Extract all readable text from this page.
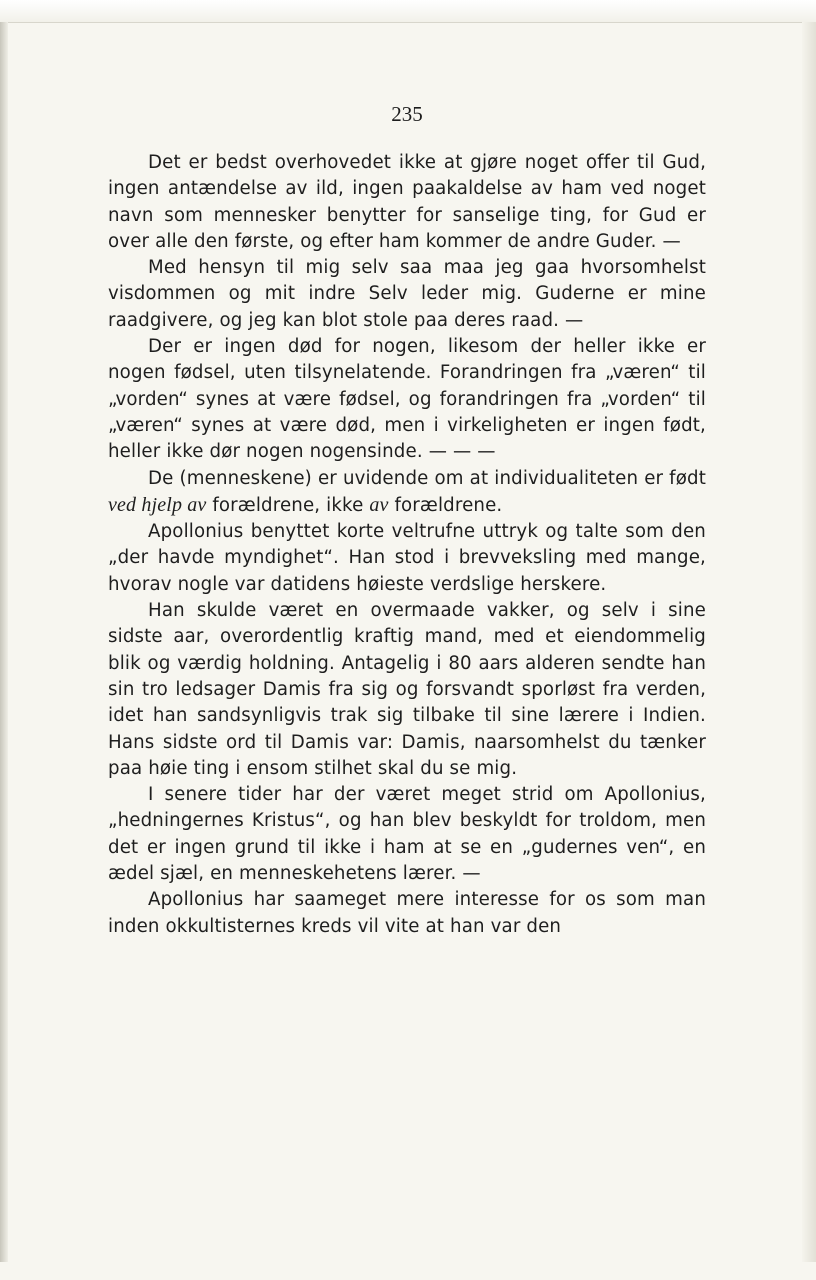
235

Det er bedst overhovedet ikke at gjøre noget offer til Gud, ingen antændelse av ild, ingen paakaldelse av ham ved noget navn som mennesker benytter for sanselige ting, for Gud er over alle den første, og efter ham kommer de andre Guder. —

Med hensyn til mig selv saa maa jeg gaa hvorsomhelst visdommen og mit indre Selv leder mig. Guderne er mine raadgivere, og jeg kan blot stole paa deres raad. —

Der er ingen død for nogen, likesom der heller ikke er nogen fødsel, uten tilsynelatende. Forandringen fra „væren“ til „vorden“ synes at være fødsel, og forandringen fra „vorden“ til „væren“ synes at være død, men i virkeligheten er ingen født, heller ikke dør nogen nogensinde. — — —

De (menneskene) er uvidende om at individualiteten er født ved hjelp av forældrene, ikke av forældrene.

Apollonius benyttet korte veltrufne uttryk og talte som den „der havde myndighet“. Han stod i brevveksling med mange, hvorav nogle var datidens høieste verdslige herskere.

Han skulde været en overmaade vakker, og selv i sine sidste aar, overordentlig kraftig mand, med et eiendommelig blik og værdig holdning. Antagelig i 80 aars alderen sendte han sin tro ledsager Damis fra sig og forsvandt sporløst fra verden, idet han sandsynligvis trak sig tilbake til sine lærere i Indien. Hans sidste ord til Damis var: Damis, naarsomhelst du tænker paa høie ting i ensom stilhet skal du se mig.

I senere tider har der været meget strid om Apollonius, „hedningernes Kristus“, og han blev beskyldt for troldom, men det er ingen grund til ikke i ham at se en „gudernes ven“, en ædel sjæl, en menneskehetens lærer. —

Apollonius har saameget mere interesse for os som man inden okkultisternes kreds vil vite at han var den
